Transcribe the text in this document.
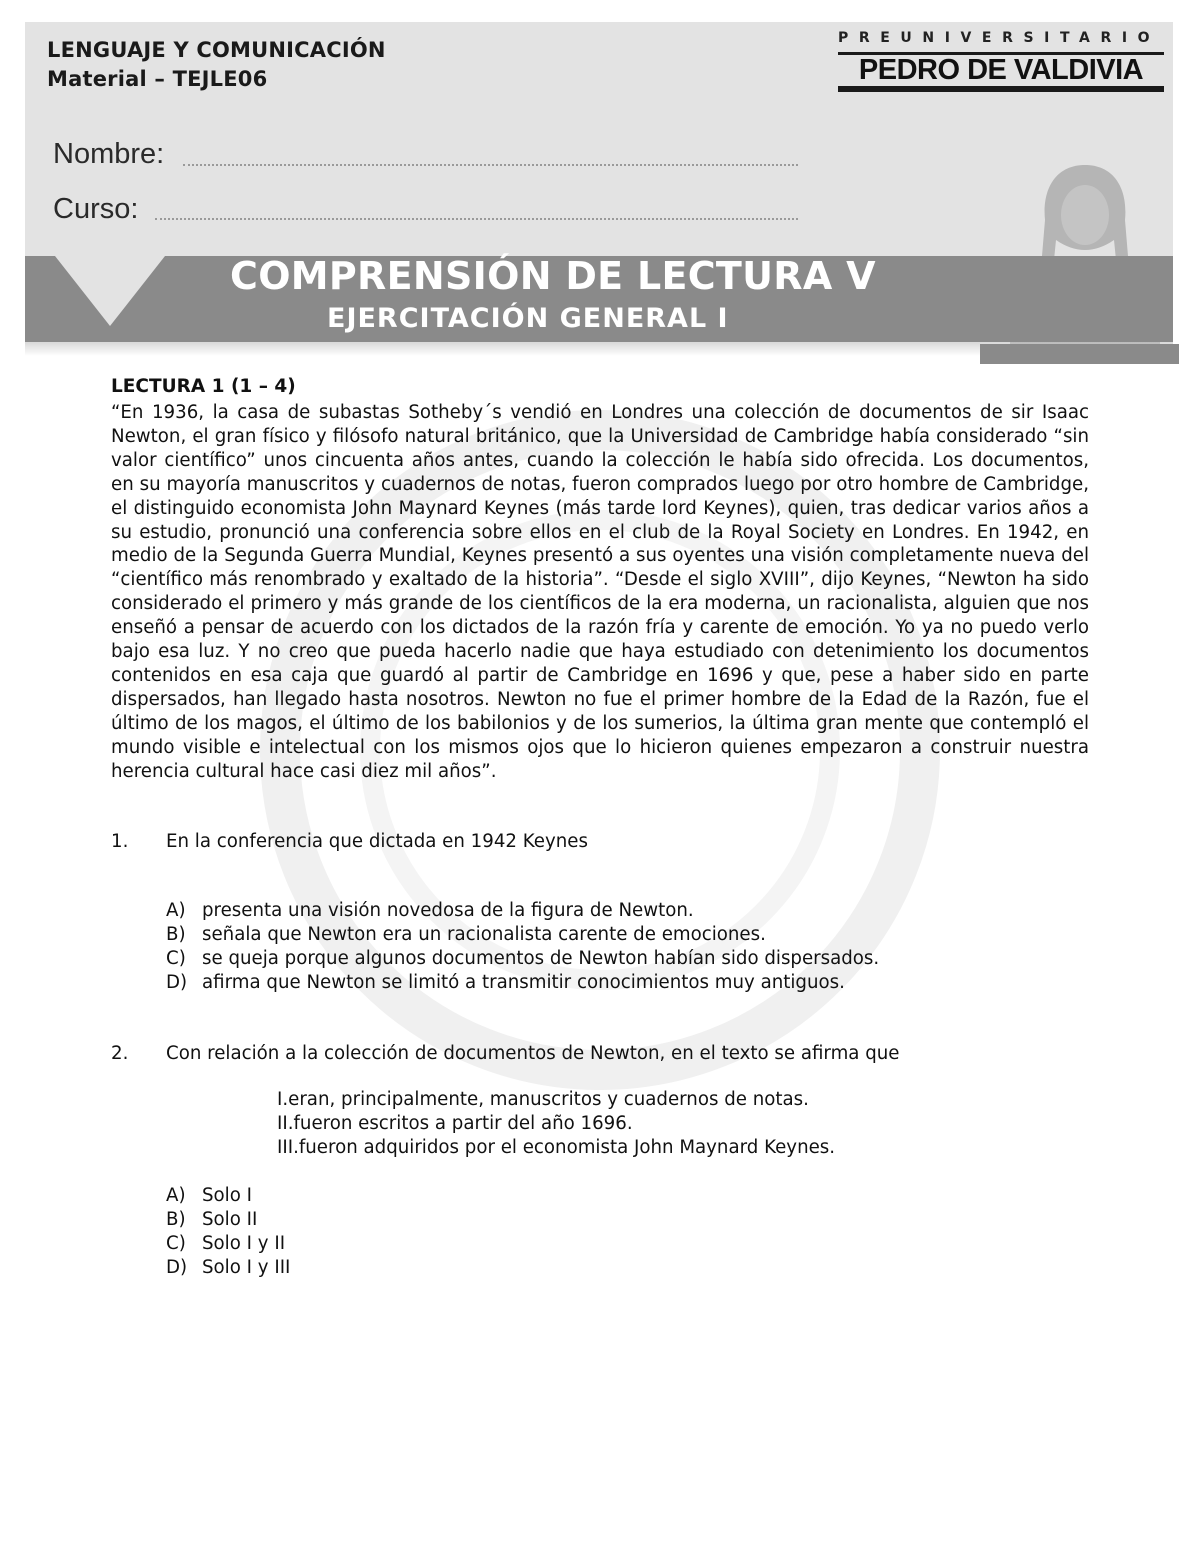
LENGUAJE Y COMUNICACIÓN
Material – TEJLE06
PREUNIVERSITARIO
PEDRO DE VALDIVIA
Nombre:
Curso:
COMPRENSIÓN DE LECTURA V
EJERCITACIÓN GENERAL I
LECTURA 1 (1 – 4)

“En 1936, la casa de subastas Sotheby´s vendió en Londres una colección de documentos de sir Isaac Newton, el gran físico y filósofo natural británico, que la Universidad de Cambridge había considerado “sin valor científico” unos cincuenta años antes, cuando la colección le había sido ofrecida. Los documentos, en su mayoría manuscritos y cuadernos de notas, fueron comprados luego por otro hombre de Cambridge, el distinguido economista John Maynard Keynes (más tarde lord Keynes), quien, tras dedicar varios años a su estudio, pronunció una conferencia sobre ellos en el club de la Royal Society en Londres. En 1942, en medio de la Segunda Guerra Mundial, Keynes presentó a sus oyentes una visión completamente nueva del “científico más renombrado y exaltado de la historia”. “Desde el siglo XVIII”, dijo Keynes, “Newton ha sido considerado el primero y más grande de los científicos de la era moderna, un racionalista, alguien que nos enseñó a pensar de acuerdo con los dictados de la razón fría y carente de emoción. Yo ya no puedo verlo bajo esa luz. Y no creo que pueda hacerlo nadie que haya estudiado con detenimiento los documentos contenidos en esa caja que guardó al partir de Cambridge en 1696 y que, pese a haber sido en parte dispersados, han llegado hasta nosotros. Newton no fue el primer hombre de la Edad de la Razón, fue el último de los magos, el último de los babilonios y de los sumerios, la última gran mente que contempló el mundo visible e intelectual con los mismos ojos que lo hicieron quienes empezaron a construir nuestra herencia cultural hace casi diez mil años”.

1. En la conferencia que dictada en 1942 Keynes
A) presenta una visión novedosa de la figura de Newton.
B) señala que Newton era un racionalista carente de emociones.
C) se queja porque algunos documentos de Newton habían sido dispersados.
D) afirma que Newton se limitó a transmitir conocimientos muy antiguos.
2. Con relación a la colección de documentos de Newton, en el texto se afirma que
I.eran, principalmente, manuscritos y cuadernos de notas.
II.fueron escritos a partir del año 1696.
III.fueron adquiridos por el economista John Maynard Keynes.
A) Solo I
B) Solo II
C) Solo I y II
D) Solo I y III
